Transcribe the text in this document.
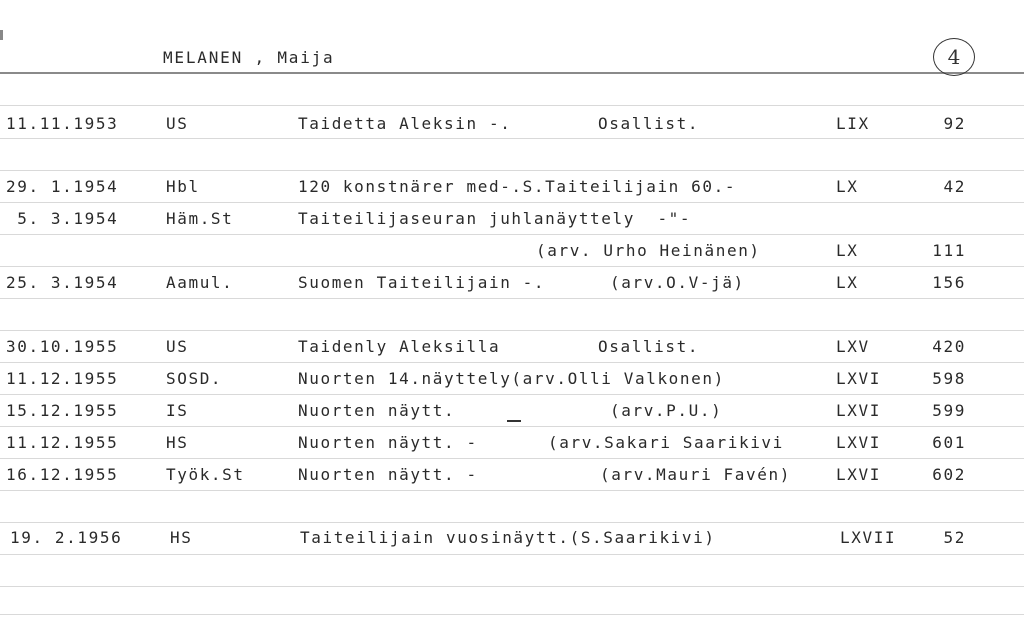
MELANEN , Maija	4
11.11.1953	US	Taidetta Aleksin -.	Osallist.	LIX	92
29. 1.1954	Hbl	120 konstnärer med-.S.Taiteilijain 60.-	LX	42
5. 3.1954	Häm.St	Taiteilijaseuran juhlanäyttely  -"-
(arv. Urho Heinänen)	LX	111
25. 3.1954	Aamul.	Suomen Taiteilijain -.	(arv.O.V-jä)	LX	156
30.10.1955	US	Taidenly Aleksilla	Osallist.	LXV	420
11.12.1955	SOSD.	Nuorten 14.näyttely(arv.Olli Valkonen)	LXVI	598
15.12.1955	IS	Nuorten näytt.	(arv.P.U.)	LXVI	599
11.12.1955	HS	Nuorten näytt. -	(arv.Sakari Saarikivi	LXVI	601
16.12.1955	Työk.St	Nuorten näytt. -	(arv.Mauri Favén)	LXVI	602
19. 2.1956	HS	Taiteilijain vuosinäytt.(S.Saarikivi)	LXVII	52
